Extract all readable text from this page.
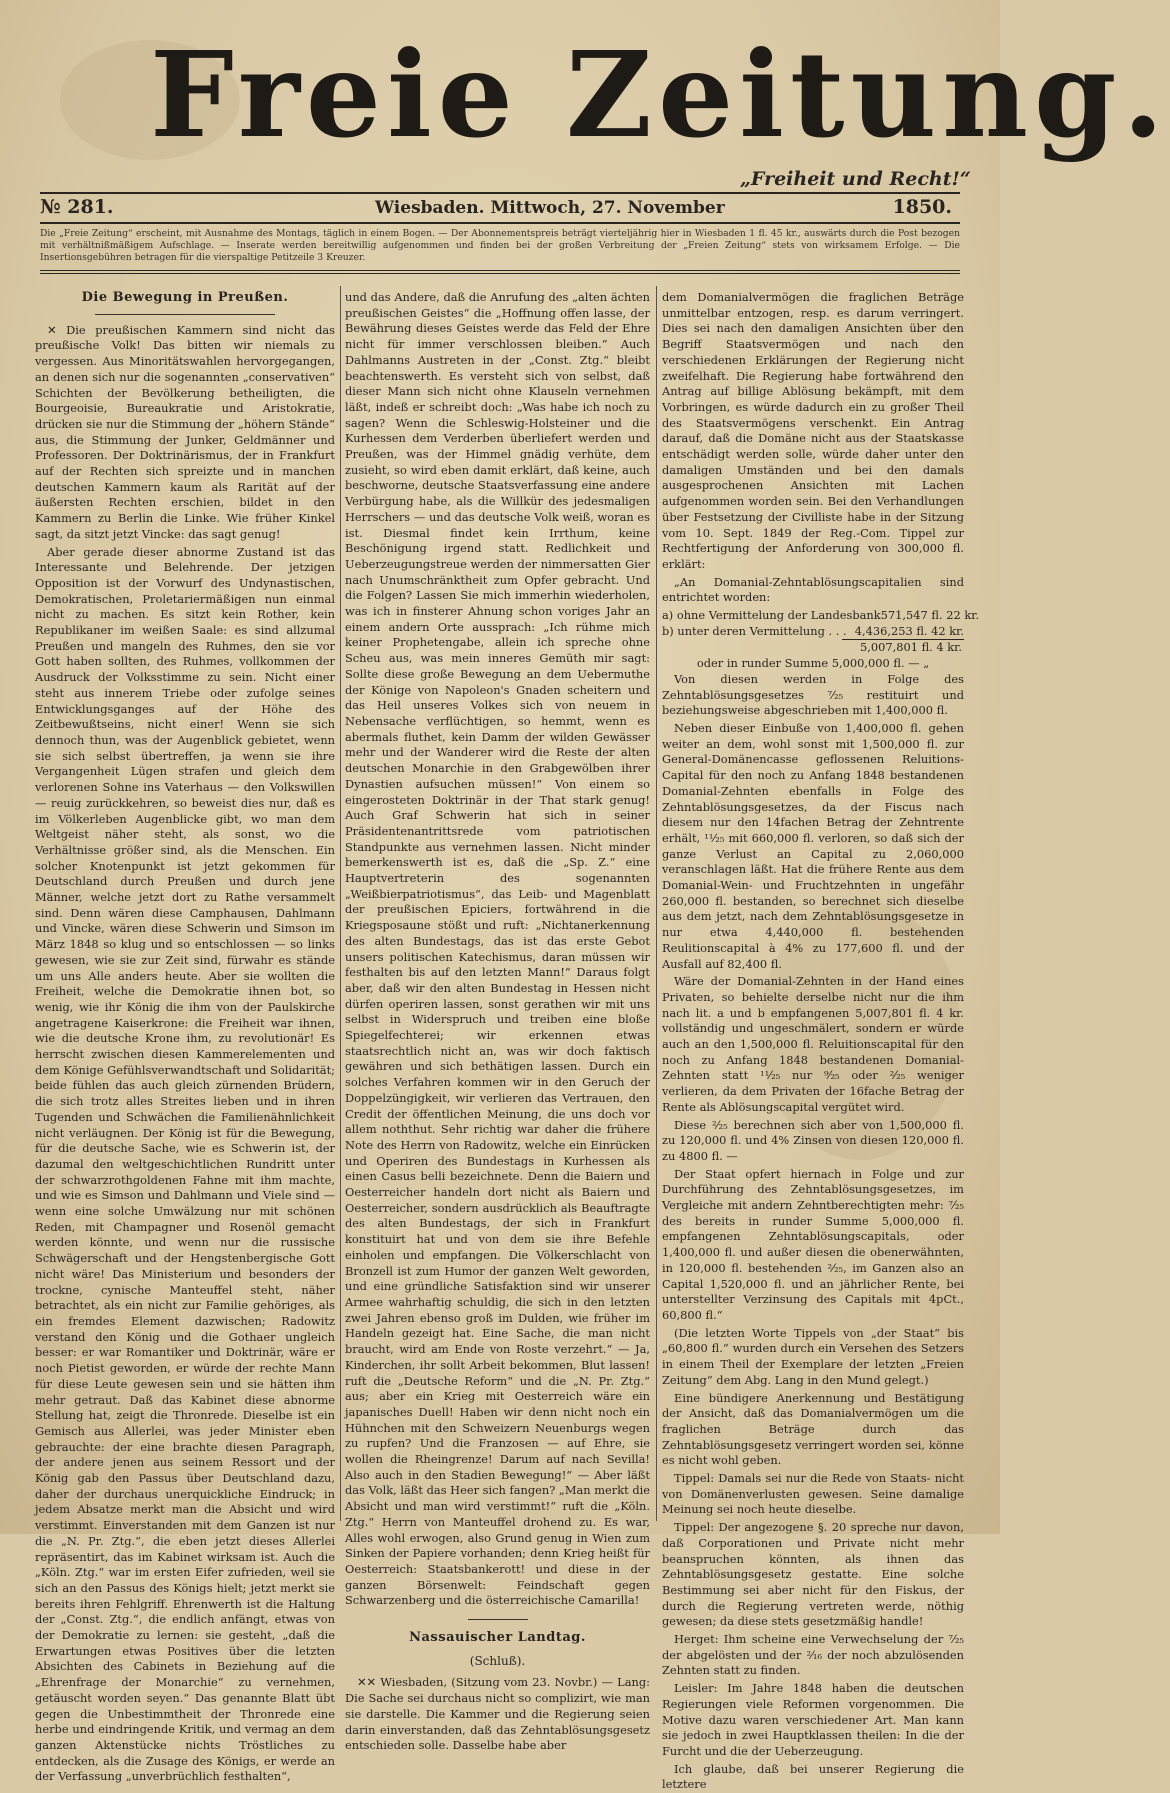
Freie Zeitung.
„Freiheit und Recht!“
№ 281.	Wiesbaden. Mittwoch, 27. November	1850.
Die „Freie Zeitung“ erscheint, mit Ausnahme des Montags, täglich in einem Bogen. — Der Abonnementspreis beträgt vierteljährig hier in Wiesbaden 1 fl. 45 kr., auswärts durch die Post bezogen mit verhältnißmäßigem Aufschlage. — Inserate werden bereitwillig aufgenommen und finden bei der großen Verbreitung der „Freien Zeitung“ stets von wirksamem Erfolge. — Die Insertionsgebühren betragen für die vierspaltige Petitzeile 3 Kreuzer.
Die Bewegung in Preußen.

✕ Die preußischen Kammern sind nicht das preußische Volk! Das bitten wir niemals zu vergessen. Aus Minoritätswahlen hervorgegangen, an denen sich nur die sogenannten „conservativen“ Schichten der Bevölkerung betheiligten, die Bourgeoisie, Bureaukratie und Aristokratie, drücken sie nur die Stimmung der „höhern Stände“ aus, die Stimmung der Junker, Geldmänner und Professoren. Der Doktrinärismus, der in Frankfurt auf der Rechten sich spreizte und in manchen deutschen Kammern kaum als Rarität auf der äußersten Rechten erschien, bildet in den Kammern zu Berlin die Linke. Wie früher Kinkel sagt, da sitzt jetzt Vincke: das sagt genug!

Aber gerade dieser abnorme Zustand ist das Interessante und Belehrende. Der jetzigen Opposition ist der Vorwurf des Undynastischen, Demokratischen, Proletariermäßigen nun einmal nicht zu machen. Es sitzt kein Rother, kein Republikaner im weißen Saale: es sind allzumal Preußen und mangeln des Ruhmes, den sie vor Gott haben sollten, des Ruhmes, vollkommen der Ausdruck der Volksstimme zu sein. Nicht einer steht aus innerem Triebe oder zufolge seines Entwicklungsganges auf der Höhe des Zeitbewußtseins, nicht einer! Wenn sie sich dennoch thun, was der Augenblick gebietet, wenn sie sich selbst übertreffen, ja wenn sie ihre Vergangenheit Lügen strafen und gleich dem verlorenen Sohne ins Vaterhaus — den Volkswillen — reuig zurückkehren, so beweist dies nur, daß es im Völkerleben Augenblicke gibt, wo man dem Weltgeist näher steht, als sonst, wo die Verhältnisse größer sind, als die Menschen. Ein solcher Knotenpunkt ist jetzt gekommen für Deutschland durch Preußen und durch jene Männer, welche jetzt dort zu Rathe versammelt sind. Denn wären diese Camphausen, Dahlmann und Vincke, wären diese Schwerin und Simson im März 1848 so klug und so entschlossen — so links gewesen, wie sie zur Zeit sind, fürwahr es stände um uns Alle anders heute. Aber sie wollten die Freiheit, welche die Demokratie ihnen bot, so wenig, wie ihr König die ihm von der Paulskirche angetragene Kaiserkrone: die Freiheit war ihnen, wie die deutsche Krone ihm, zu revolutionär! Es herrscht zwischen diesen Kammerelementen und dem Könige Gefühlsverwandtschaft und Solidarität; beide fühlen das auch gleich zürnenden Brüdern, die sich trotz alles Streites lieben und in ihren Tugenden und Schwächen die Familienähnlichkeit nicht verläugnen. Der König ist für die Bewegung, für die deutsche Sache, wie es Schwerin ist, der dazumal den weltgeschichtlichen Rundritt unter der schwarzrothgoldenen Fahne mit ihm machte, und wie es Simson und Dahlmann und Viele sind — wenn eine solche Umwälzung nur mit schönen Reden, mit Champagner und Rosenöl gemacht werden könnte, und wenn nur die russische Schwägerschaft und der Hengstenbergische Gott nicht wäre! Das Ministerium und besonders der trockne, cynische Manteuffel steht, näher betrachtet, als ein nicht zur Familie gehöriges, als ein fremdes Element dazwischen; Radowitz verstand den König und die Gothaer ungleich besser: er war Romantiker und Doktrinär, wäre er noch Pietist geworden, er würde der rechte Mann für diese Leute gewesen sein und sie hätten ihm mehr getraut. Daß das Kabinet diese abnorme Stellung hat, zeigt die Thronrede. Dieselbe ist ein Gemisch aus Allerlei, was jeder Minister eben gebrauchte: der eine brachte diesen Paragraph, der andere jenen aus seinem Ressort und der König gab den Passus über Deutschland dazu, daher der durchaus unerquickliche Eindruck; in jedem Absatze merkt man die Absicht und wird verstimmt. Einverstanden mit dem Ganzen ist nur die „N. Pr. Ztg.“, die eben jetzt dieses Allerlei repräsentirt, das im Kabinet wirksam ist. Auch die „Köln. Ztg.“ war im ersten Eifer zufrieden, weil sie sich an den Passus des Königs hielt; jetzt merkt sie bereits ihren Fehlgriff. Ehrenwerth ist die Haltung der „Const. Ztg.“, die endlich anfängt, etwas von der Demokratie zu lernen: sie gesteht, „daß die Erwartungen etwas Positives über die letzten Absichten des Cabinets in Beziehung auf die „Ehrenfrage der Monarchie“ zu vernehmen, getäuscht worden seyen.“ Das genannte Blatt übt gegen die Unbestimmtheit der Thronrede eine herbe und eindringende Kritik, und vermag an dem ganzen Aktenstücke nichts Tröstliches zu entdecken, als die Zusage des Königs, er werde an der Verfassung „unverbrüchlich festhalten“,

und das Andere, daß die Anrufung des „alten ächten preußischen Geistes“ die „Hoffnung offen lasse, der Bewährung dieses Geistes werde das Feld der Ehre nicht für immer verschlossen bleiben.“ Auch Dahlmanns Austreten in der „Const. Ztg.“ bleibt beachtenswerth. Es versteht sich von selbst, daß dieser Mann sich nicht ohne Klauseln vernehmen läßt, indeß er schreibt doch: „Was habe ich noch zu sagen? Wenn die Schleswig-Holsteiner und die Kurhessen dem Verderben überliefert werden und Preußen, was der Himmel gnädig verhüte, dem zusieht, so wird eben damit erklärt, daß keine, auch beschworne, deutsche Staatsverfassung eine andere Verbürgung habe, als die Willkür des jedesmaligen Herrschers — und das deutsche Volk weiß, woran es ist. Diesmal findet kein Irrthum, keine Beschönigung irgend statt. Redlichkeit und Ueberzeugungstreue werden der nimmersatten Gier nach Unumschränktheit zum Opfer gebracht. Und die Folgen? Lassen Sie mich immerhin wiederholen, was ich in finsterer Ahnung schon voriges Jahr an einem andern Orte aussprach: „Ich rühme mich keiner Prophetengabe, allein ich spreche ohne Scheu aus, was mein inneres Gemüth mir sagt: Sollte diese große Bewegung an dem Uebermuthe der Könige von Napoleon's Gnaden scheitern und das Heil unseres Volkes sich von neuem in Nebensache verflüchtigen, so hemmt, wenn es abermals fluthet, kein Damm der wilden Gewässer mehr und der Wanderer wird die Reste der alten deutschen Monarchie in den Grabgewölben ihrer Dynastien aufsuchen müssen!“ Von einem so eingerosteten Doktrinär in der That stark genug! Auch Graf Schwerin hat sich in seiner Präsidentenantrittsrede vom patriotischen Standpunkte aus vernehmen lassen. Nicht minder bemerkenswerth ist es, daß die „Sp. Z.“ eine Hauptvertreterin des sogenannten „Weißbierpatriotismus“, das Leib- und Magenblatt der preußischen Epiciers, fortwährend in die Kriegsposaune stößt und ruft: „Nichtanerkennung des alten Bundestags, das ist das erste Gebot unsers politischen Katechismus, daran müssen wir festhalten bis auf den letzten Mann!“ Daraus folgt aber, daß wir den alten Bundestag in Hessen nicht dürfen operiren lassen, sonst gerathen wir mit uns selbst in Widerspruch und treiben eine bloße Spiegelfechterei; wir erkennen etwas staatsrechtlich nicht an, was wir doch faktisch gewähren und sich bethätigen lassen. Durch ein solches Verfahren kommen wir in den Geruch der Doppelzüngigkeit, wir verlieren das Vertrauen, den Credit der öffentlichen Meinung, die uns doch vor allem noththut. Sehr richtig war daher die frühere Note des Herrn von Radowitz, welche ein Einrücken und Operiren des Bundestags in Kurhessen als einen Casus belli bezeichnete. Denn die Baiern und Oesterreicher handeln dort nicht als Baiern und Oesterreicher, sondern ausdrücklich als Beauftragte des alten Bundestags, der sich in Frankfurt konstituirt hat und von dem sie ihre Befehle einholen und empfangen. Die Völkerschlacht von Bronzell ist zum Humor der ganzen Welt geworden, und eine gründliche Satisfaktion sind wir unserer Armee wahrhaftig schuldig, die sich in den letzten zwei Jahren ebenso groß im Dulden, wie früher im Handeln gezeigt hat. Eine Sache, die man nicht braucht, wird am Ende von Roste verzehrt.“ — Ja, Kinderchen, ihr sollt Arbeit bekommen, Blut lassen! ruft die „Deutsche Reform“ und die „N. Pr. Ztg.“ aus; aber ein Krieg mit Oesterreich wäre ein japanisches Duell! Haben wir denn nicht noch ein Hühnchen mit den Schweizern Neuenburgs wegen zu rupfen? Und die Franzosen — auf Ehre, sie wollen die Rheingrenze! Darum auf nach Sevilla! Also auch in den Stadien Bewegung!“ — Aber läßt das Volk, läßt das Heer sich fangen? „Man merkt die Absicht und man wird verstimmt!“ ruft die „Köln. Ztg.“ Herrn von Manteuffel drohend zu. Es war, Alles wohl erwogen, also Grund genug in Wien zum Sinken der Papiere vorhanden; denn Krieg heißt für Oesterreich: Staatsbankerott! und diese in der ganzen Börsenwelt: Feindschaft gegen Schwarzenberg und die österreichische Camarilla!

Nassauischer Landtag.
(Schluß).

✕✕ Wiesbaden, (Sitzung vom 23. Novbr.) — Lang: Die Sache sei durchaus nicht so complizirt, wie man sie darstelle. Die Kammer und die Regierung seien darin einverstanden, daß das Zehntablösungsgesetz entschieden solle. Dasselbe habe aber

dem Domanialvermögen die fraglichen Beträge unmittelbar entzogen, resp. es darum verringert. Dies sei nach den damaligen Ansichten über den Begriff Staatsvermögen und nach den verschiedenen Erklärungen der Regierung nicht zweifelhaft. Die Regierung habe fortwährend den Antrag auf billige Ablösung bekämpft, mit dem Vorbringen, es würde dadurch ein zu großer Theil des Staatsvermögens verschenkt. Ein Antrag darauf, daß die Domäne nicht aus der Staatskasse entschädigt werden solle, würde daher unter den damaligen Umständen und bei den damals ausgesprochenen Ansichten mit Lachen aufgenommen worden sein. Bei den Verhandlungen über Festsetzung der Civilliste habe in der Sitzung vom 10. Sept. 1849 der Reg.-Com. Tippel zur Rechtfertigung der Anforderung von 300,000 fl. erklärt:

„An Domanial-Zehntablösungscapitalien sind entrichtet worden:

a) ohne Vermittelung der Landesbank 571,547 fl. 22 kr.
b) unter deren Vermittelung . . . 4,436,253 fl. 42 kr.
5,007,801 fl. 4 kr.
oder in runder Summe 5,000,000 fl. — „

Von diesen werden in Folge des Zehntablösungsgesetzes ⁷⁄₂₅ restituirt und beziehungsweise abgeschrieben mit 1,400,000 fl.

Neben dieser Einbuße von 1,400,000 fl. gehen weiter an dem, wohl sonst mit 1,500,000 fl. zur General-Domänencasse geflossenen Reluitions-Capital für den noch zu Anfang 1848 bestandenen Domanial-Zehnten ebenfalls in Folge des Zehntablösungsgesetzes, da der Fiscus nach diesem nur den 14fachen Betrag der Zehntrente erhält, ¹¹⁄₂₅ mit 660,000 fl. verloren, so daß sich der ganze Verlust an Capital zu 2,060,000 veranschlagen läßt. Hat die frühere Rente aus dem Domanial-Wein- und Fruchtzehnten in ungefähr 260,000 fl. bestanden, so berechnet sich dieselbe aus dem jetzt, nach dem Zehntablösungsgesetze in nur etwa 4,440,000 fl. bestehenden Reulitionscapital à 4% zu 177,600 fl. und der Ausfall auf 82,400 fl.

Wäre der Domanial-Zehnten in der Hand eines Privaten, so behielte derselbe nicht nur die ihm nach lit. a und b empfangenen 5,007,801 fl. 4 kr. vollständig und ungeschmälert, sondern er würde auch an den 1,500,000 fl. Reluitionscapital für den noch zu Anfang 1848 bestandenen Domanial-Zehnten statt ¹¹⁄₂₅ nur ⁹⁄₂₅ oder ²⁄₂₅ weniger verlieren, da dem Privaten der 16fache Betrag der Rente als Ablösungscapital vergütet wird.

Diese ²⁄₂₅ berechnen sich aber von 1,500,000 fl. zu 120,000 fl. und 4% Zinsen von diesen 120,000 fl. zu 4800 fl. —

Der Staat opfert hiernach in Folge und zur Durchführung des Zehntablösungsgesetzes, im Vergleiche mit andern Zehntberechtigten mehr: ⁷⁄₂₅ des bereits in runder Summe 5,000,000 fl. empfangenen Zehntablösungscapitals, oder 1,400,000 fl. und außer diesen die obenerwähnten, in 120,000 fl. bestehenden ²⁄₂₅, im Ganzen also an Capital 1,520,000 fl. und an jährlicher Rente, bei unterstellter Verzinsung des Capitals mit 4pCt., 60,800 fl.“

(Die letzten Worte Tippels von „der Staat“ bis „60,800 fl.“ wurden durch ein Versehen des Setzers in einem Theil der Exemplare der letzten „Freien Zeitung“ dem Abg. Lang in den Mund gelegt.)

Eine bündigere Anerkennung und Bestätigung der Ansicht, daß das Domanialvermögen um die fraglichen Beträge durch das Zehntablösungsgesetz verringert worden sei, könne es nicht wohl geben.

Tippel: Damals sei nur die Rede von Staats- nicht von Domänenverlusten gewesen. Seine damalige Meinung sei noch heute dieselbe.

Tippel: Der angezogene §. 20 spreche nur davon, daß Corporationen und Private nicht mehr beanspruchen könnten, als ihnen das Zehntablösungsgesetz gestatte. Eine solche Bestimmung sei aber nicht für den Fiskus, der durch die Regierung vertreten werde, nöthig gewesen; da diese stets gesetzmäßig handle!

Herget: Ihm scheine eine Verwechselung der ⁷⁄₂₅ der abgelösten und der ²⁄₁₆ der noch abzulösenden Zehnten statt zu finden.

Leisler: Im Jahre 1848 haben die deutschen Regierungen viele Reformen vorgenommen. Die Motive dazu waren verschiedener Art. Man kann sie jedoch in zwei Hauptklassen theilen: In die der Furcht und die der Ueberzeugung.

Ich glaube, daß bei unserer Regierung die letztere
